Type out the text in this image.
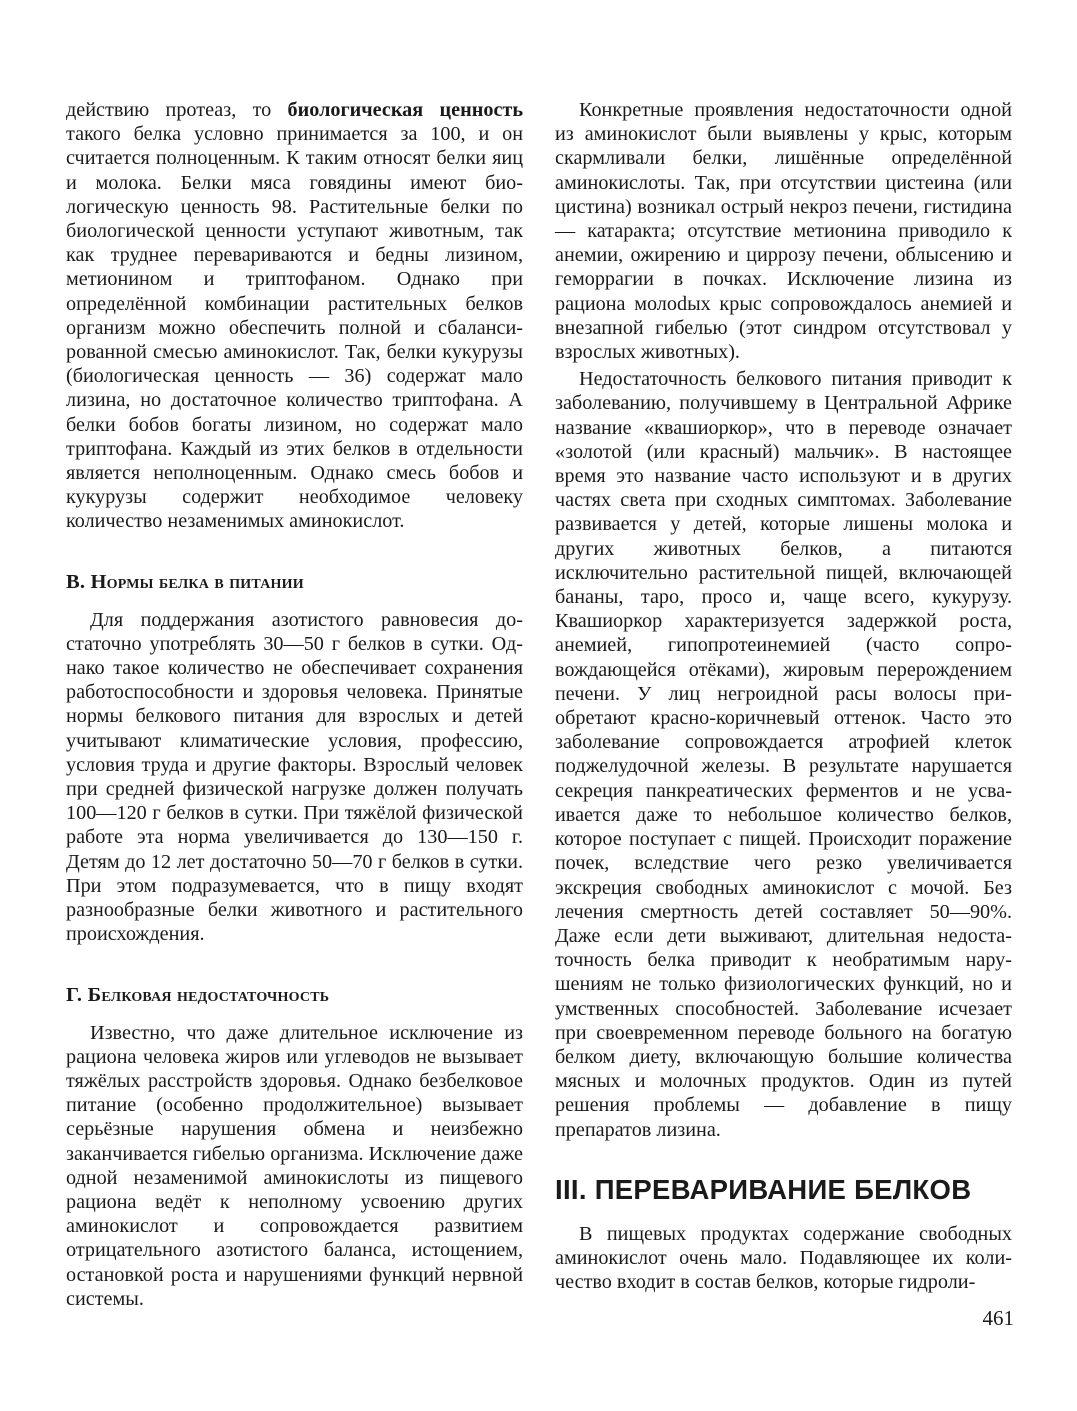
действию протеаз, то биологическая ценность такого белка условно принимается за 100, и он считается полноценным. К таким относят белки яиц и молока. Белки мяса говядины имеют биологическую ценность 98. Растительные белки по биологической ценности уступают животным, так как труднее перевариваются и бедны лизином, метионином и триптофаном. Однако при определённой комбинации растительных белков организм можно обеспечить полной и сбалансированной смесью аминокислот. Так, белки кукурузы (биологическая ценность — 36) содержат мало лизина, но достаточное количество триптофана. А белки бобов богаты лизином, но содержат мало триптофана. Каждый из этих белков в отдельности является неполноценным. Однако смесь бобов и кукурузы содержит необходимое человеку количество незаменимых аминокислот.

В. Нормы белка в питании

Для поддержания азотистого равновесия достаточно употреблять 30—50 г белков в сутки. Однако такое количество не обеспечивает сохранения работоспособности и здоровья человека. Принятые нормы белкового питания для взрослых и детей учитывают климатические условия, профессию, условия труда и другие факторы. Взрослый человек при средней физической нагрузке должен получать 100—120 г белков в сутки. При тяжёлой физической работе эта норма увеличивается до 130—150 г. Детям до 12 лет достаточно 50—70 г белков в сутки. При этом подразумевается, что в пищу входят разнообразные белки животного и растительного происхождения.

Г. Белковая недостаточность

Известно, что даже длительное исключение из рациона человека жиров или углеводов не вызывает тяжёлых расстройств здоровья. Однако безбелковое питание (особенно продолжительное) вызывает серьёзные нарушения обмена и неизбежно заканчивается гибелью организма. Исключение даже одной незаменимой аминокислоты из пищевого рациона ведёт к неполному усвоению других аминокислот и сопровождается развитием отрицательного азотистого баланса, истощением, остановкой роста и нарушениями функций нервной системы.

Конкретные проявления недостаточности одной из аминокислот были выявлены у крыс, которым скармливали белки, лишённые определённой аминокислоты. Так, при отсутствии цистеина (или цистина) возникал острый некроз печени, гистидина — катаракта; отсутствие метионина приводило к анемии, ожирению и циррозу печени, облысению и геморрагии в почках. Исключение лизина из рациона молоdых крыс сопровождалось анемией и внезапной гибелью (этот синдром отсутствовал у взрослых животных).

Недостаточность белкового питания приводит к заболеванию, получившему в Центральной Африке название «квашиоркор», что в переводе означает «золотой (или красный) мальчик». В настоящее время это название часто используют и в других частях света при сходных симптомах. Заболевание развивается у детей, которые лишены молока и других животных белков, а питаются исключительно растительной пищей, включающей бананы, таро, просо и, чаще всего, кукурузу. Квашиоркор характеризуется задержкой роста, анемией, гипопротеинемией (часто сопровождающейся отёками), жировым перерождением печени. У лиц негроидной расы волосы приобретают красно-коричневый оттенок. Часто это заболевание сопровождается атрофией клеток поджелудочной железы. В результате нарушается секреция панкреатических ферментов и не усваивается даже то небольшое количество белков, которое поступает с пищей. Происходит поражение почек, вследствие чего резко увеличивается экскреция свободных аминокислот с мочой. Без лечения смертность детей составляет 50—90%. Даже если дети выживают, длительная недостаточность белка приводит к необратимым нарушениям не только физиологических функций, но и умственных способностей. Заболевание исчезает при своевременном переводе больного на богатую белком диету, включающую большие количества мясных и молочных продуктов. Один из путей решения проблемы — добавление в пищу препаратов лизина.

III. ПЕРЕВАРИВАНИЕ БЕЛКОВ

В пищевых продуктах содержание свободных аминокислот очень мало. Подавляющее их количество входит в состав белков, которые гидроли-

461
